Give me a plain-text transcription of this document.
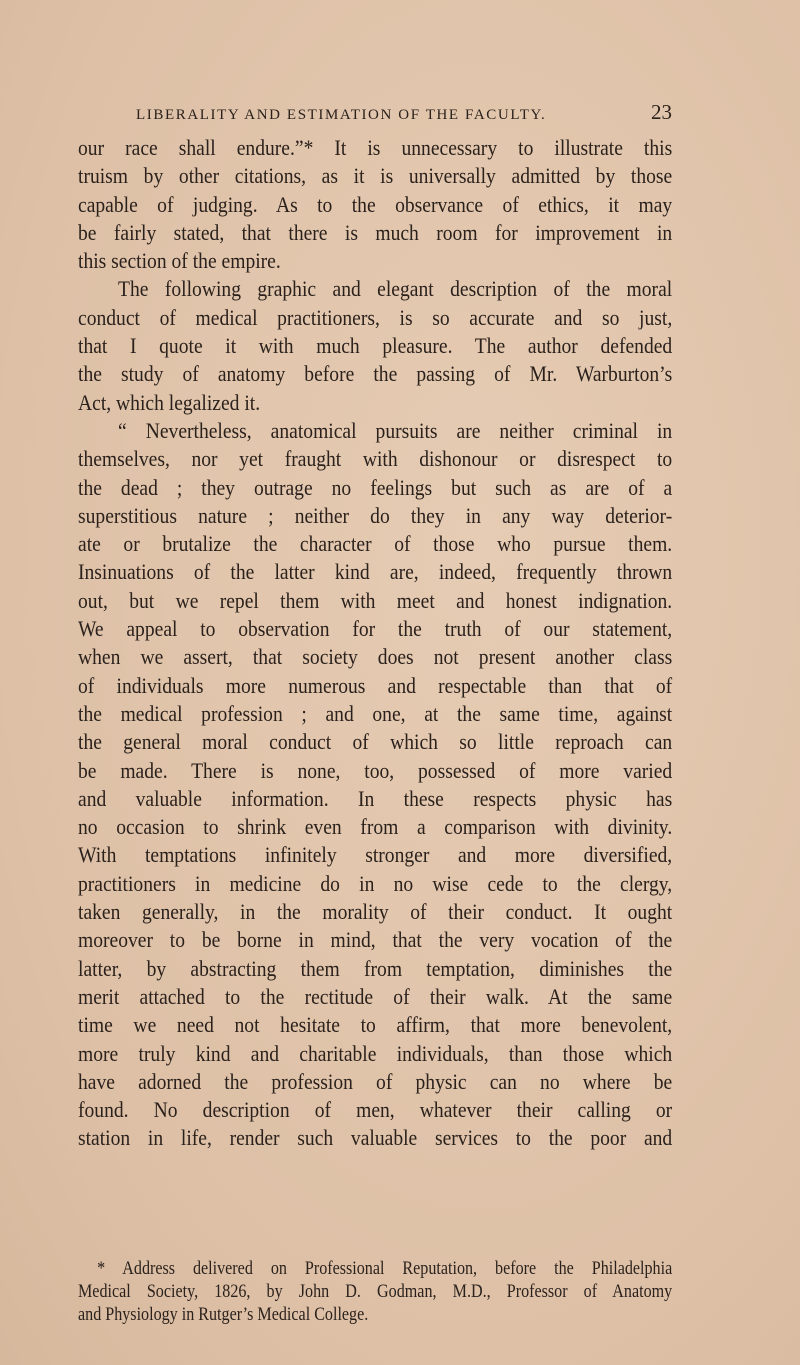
LIBERALITY AND ESTIMATION OF THE FACULTY.	23
our race shall endure.”* It is unnecessary to illustrate this
truism by other citations, as it is universally admitted by those
capable of judging. As to the observance of ethics, it may
be fairly stated, that there is much room for improvement in
this section of the empire.
The following graphic and elegant description of the moral
conduct of medical practitioners, is so accurate and so just,
that I quote it with much pleasure. The author defended
the study of anatomy before the passing of Mr. Warburton’s
Act, which legalized it.
“ Nevertheless, anatomical pursuits are neither criminal in
themselves, nor yet fraught with dishonour or disrespect to
the dead ; they outrage no feelings but such as are of a
superstitious nature ; neither do they in any way deterior-
ate or brutalize the character of those who pursue them.
Insinuations of the latter kind are, indeed, frequently thrown
out, but we repel them with meet and honest indignation.
We appeal to observation for the truth of our statement,
when we assert, that society does not present another class
of individuals more numerous and respectable than that of
the medical profession ; and one, at the same time, against
the general moral conduct of which so little reproach can
be made. There is none, too, possessed of more varied
and valuable information. In these respects physic has
no occasion to shrink even from a comparison with divinity.
With temptations infinitely stronger and more diversified,
practitioners in medicine do in no wise cede to the clergy,
taken generally, in the morality of their conduct. It ought
moreover to be borne in mind, that the very vocation of the
latter, by abstracting them from temptation, diminishes the
merit attached to the rectitude of their walk. At the same
time we need not hesitate to affirm, that more benevolent,
more truly kind and charitable individuals, than those which
have adorned the profession of physic can no where be
found. No description of men, whatever their calling or
station in life, render such valuable services to the poor and
* Address delivered on Professional Reputation, before the Philadelphia
Medical Society, 1826, by John D. Godman, M.D., Professor of Anatomy
and Physiology in Rutger’s Medical College.
